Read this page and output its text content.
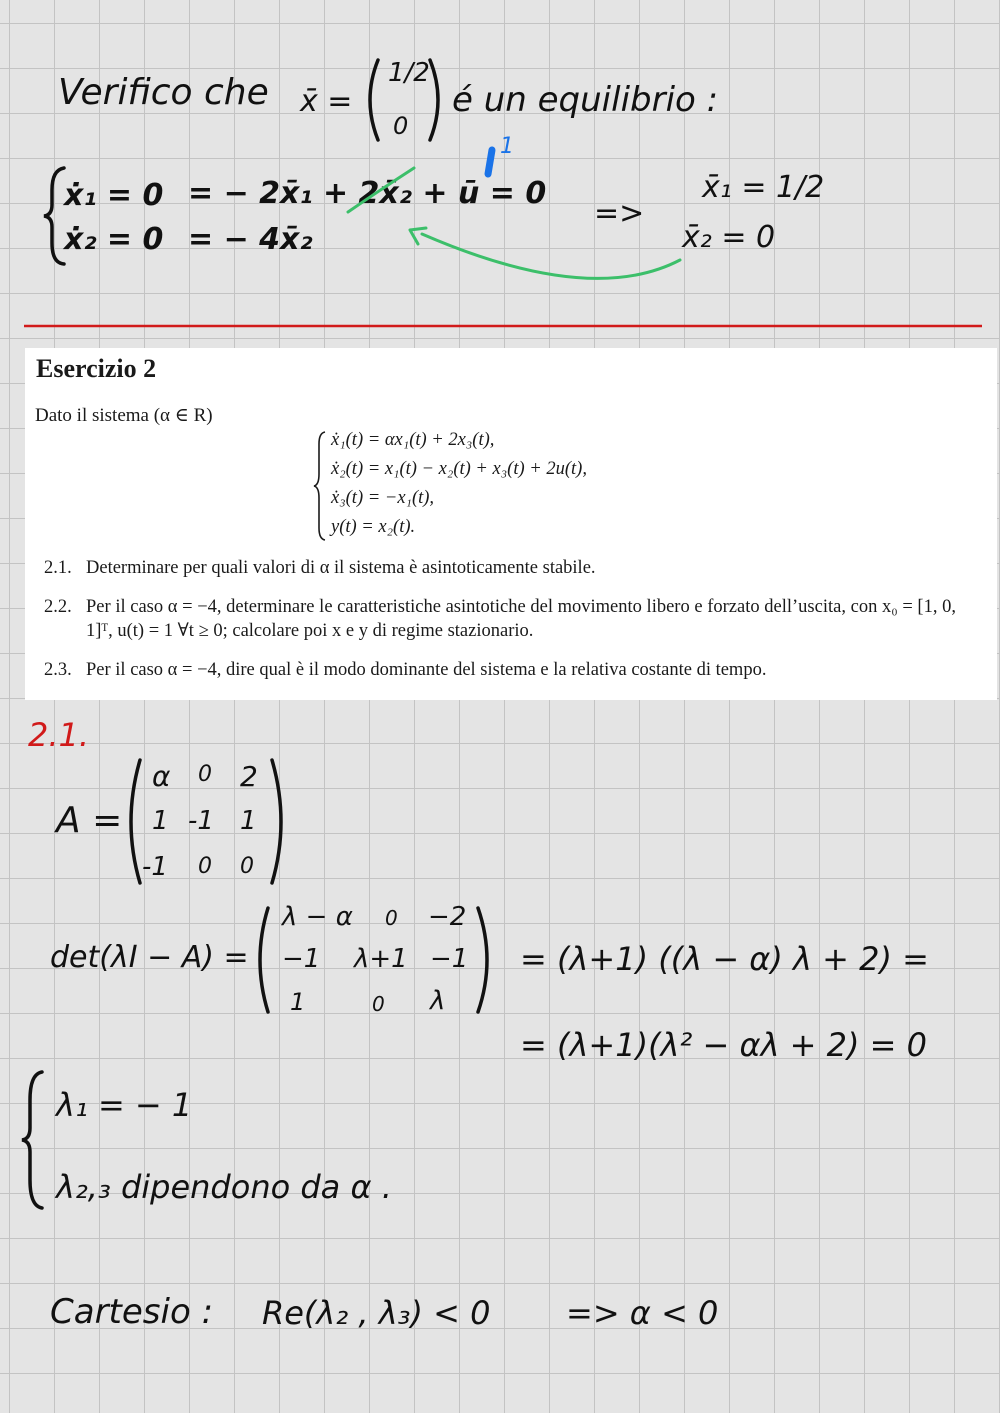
Verifico che x̄ =
1/2
0
é un equilibrio :
ẋ₁ = 0 = − 2x̄₁ + 2x̄₂ + ū = 0
ẋ₂ = 0 = − 4x̄₂
1
=>
x̄₁ = 1/2
x̄₂ = 0
Esercizio 2
Dato il sistema (α ∈ R)
ẋ₁(t) = αx₁(t) + 2x₃(t),
ẋ₂(t) = x₁(t) − x₂(t) + x₃(t) + 2u(t),
ẋ₃(t) = −x₁(t),
y(t) = x₂(t).
2.1. Determinare per quali valori di α il sistema è asintoticamente stabile.
2.2. Per il caso α = −4, determinare le caratteristiche asintotiche del movimento libero e forzato dell’uscita, con x₀ = [1, 0, 1]ᵀ, u(t) = 1 ∀t ≥ 0; calcolare poi x e y di regime stazionario.
2.3. Per il caso α = −4, dire qual è il modo dominante del sistema e la relativa costante di tempo.
2.1.
A =
α 0 2
1 -1 1
-1 0 0
det(λI − A) =
λ − α 0 −2
−1 λ+1 −1
1	0 λ
= (λ+1) ((λ − α) λ + 2) =
= (λ+1)(λ² − αλ + 2) = 0
λ₁ = − 1
λ₂,₃ dipendono da α .
Cartesio : Re(λ₂ , λ₃) < 0 => α < 0
